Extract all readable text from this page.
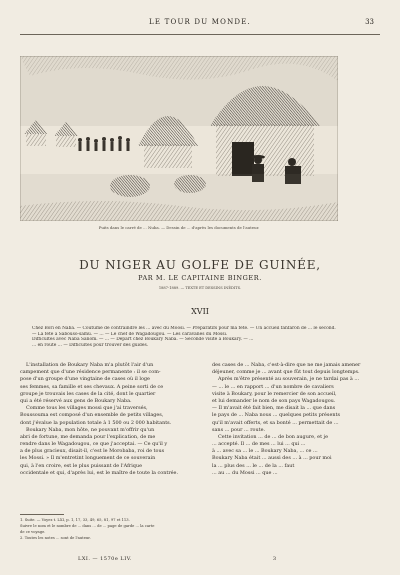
LE TOUR DU MONDE.	33
Puits dans le carré de ... Nuba. — Dessin de ... d'après les documents de l'auteur.
DU NIGER AU GOLFE DE GUINÉE,
PAR M. LE CAPITAINE BINGER.
1887-1889. — TEXTE ET DESSINS INÉDITS.
XVII
Chez Bori en Naba. — Coutume de contraindre les ... avec du Moosi. — Préparatifs pour ma fête. — Un accueil fanfaron de ... le second.
— La fête à Sabouso-samu. — ... — Le chef de Wagadougou. — Les caravanes du Mossi.
Difficultés avec Naba Sanom. — ... — Départ chez Boukary Naba. — Seconde visite à Boukary. — ...
... en route ... — Difficultés pour trouver des guides.
L'installation de Boukary Naba m'a plutôt l'air d'un
campement que d'une résidence permanente : il se com-
pose d'un groupe d'une vingtaine de cases où il loge
ses femmes, sa famille et ses chevaux. A peine sorti de ce
groupe je trouvais les cases de la cité, dont le quartier
qui a été réservé aux gens de Boukary Naba.
Comme tous les villages mossi que j'ai traversés,
Boussouma est composé d'un ensemble de petits villages,
dont j'évalue la population totale à 1 500 ou 2 000 habitants.
Boukary Naba, mon hôte, ne pouvant m'offrir qu'un
abri de fortune, me demanda pour l'explication, de me
rendre dans le Wagadougou, ce que j'acceptai. — Ce qu'il y
a de plus gracieux, disait-il, c'est le Morobaba, roi de tous
les Mossi. » Il m'entretint longuement de ce souverain
qui, à l'en croire, est le plus puissant de l'Afrique
occidentale et qui, d'après lui, est le maître de toute la contrée.
des cases de ... Naba, c'est-à-dire que ne me jamais amener
déjeuner, comme je ... avant que fût tout depuis longtemps.
Après m'être présenté au souverain, je ne tardai pas à ...
— ... le ... en rapport ... d'un nombre de cavaliers
visite à Boukary, pour le remercier de son accueil,
et lui demander le nom de son pays Wagadougou.
— Il m'avait été fait bien, me disait la ... que dans
le pays de ... Naba nous ... quelques petits présents
qu'il m'avait offerts, et sa bonté ... permettait de ...
sans ... pour ... route.
Cette invitation ... de ... de bon augure, et je
... accepté. Il ... de mes ... lui ... qui ...
à ... avec sa ... le ... Boukary Naba, ... ce ...
Boukary Naba était ... aussi des ... à ... pour moi
la ... plus des ... le ... de la ... faut
... au ... du Mossi ... que ...
1. Suite. — Voyez t. LXI, p. 1, 17, 33, 49, 65, 81, 97 et 113.
Suivre le nom et le nombre de ... dans ... de ... page de garde ... la carte
de ce voyage.
2. Toutes les notes ... sont de l'auteur.
LXI. — 1570e LIV.	3
